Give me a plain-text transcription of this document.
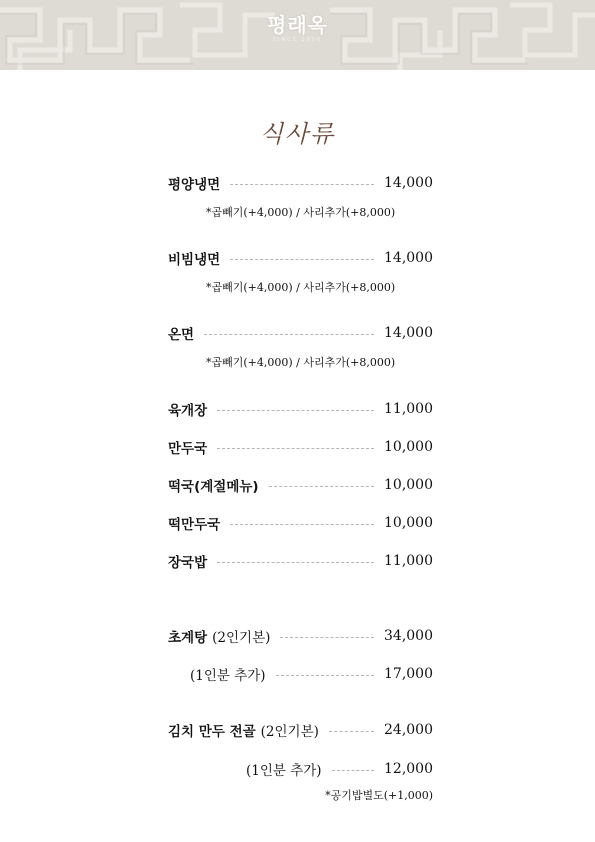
평래옥
SINCE 1950
식사류
평양냉면	14,000
*곱빼기(+4,000) / 사리추가(+8,000)
비빔냉면	14,000
*곱빼기(+4,000) / 사리추가(+8,000)
온면	14,000
*곱빼기(+4,000) / 사리추가(+8,000)
육개장	11,000
만두국	10,000
떡국(계절메뉴)	10,000
떡만두국	10,000
장국밥	11,000
초계탕 (2인기본)	34,000
(1인분 추가)	17,000
김치 만두 전골 (2인기본)	24,000
(1인분 추가)	12,000
*공기밥별도(+1,000)
